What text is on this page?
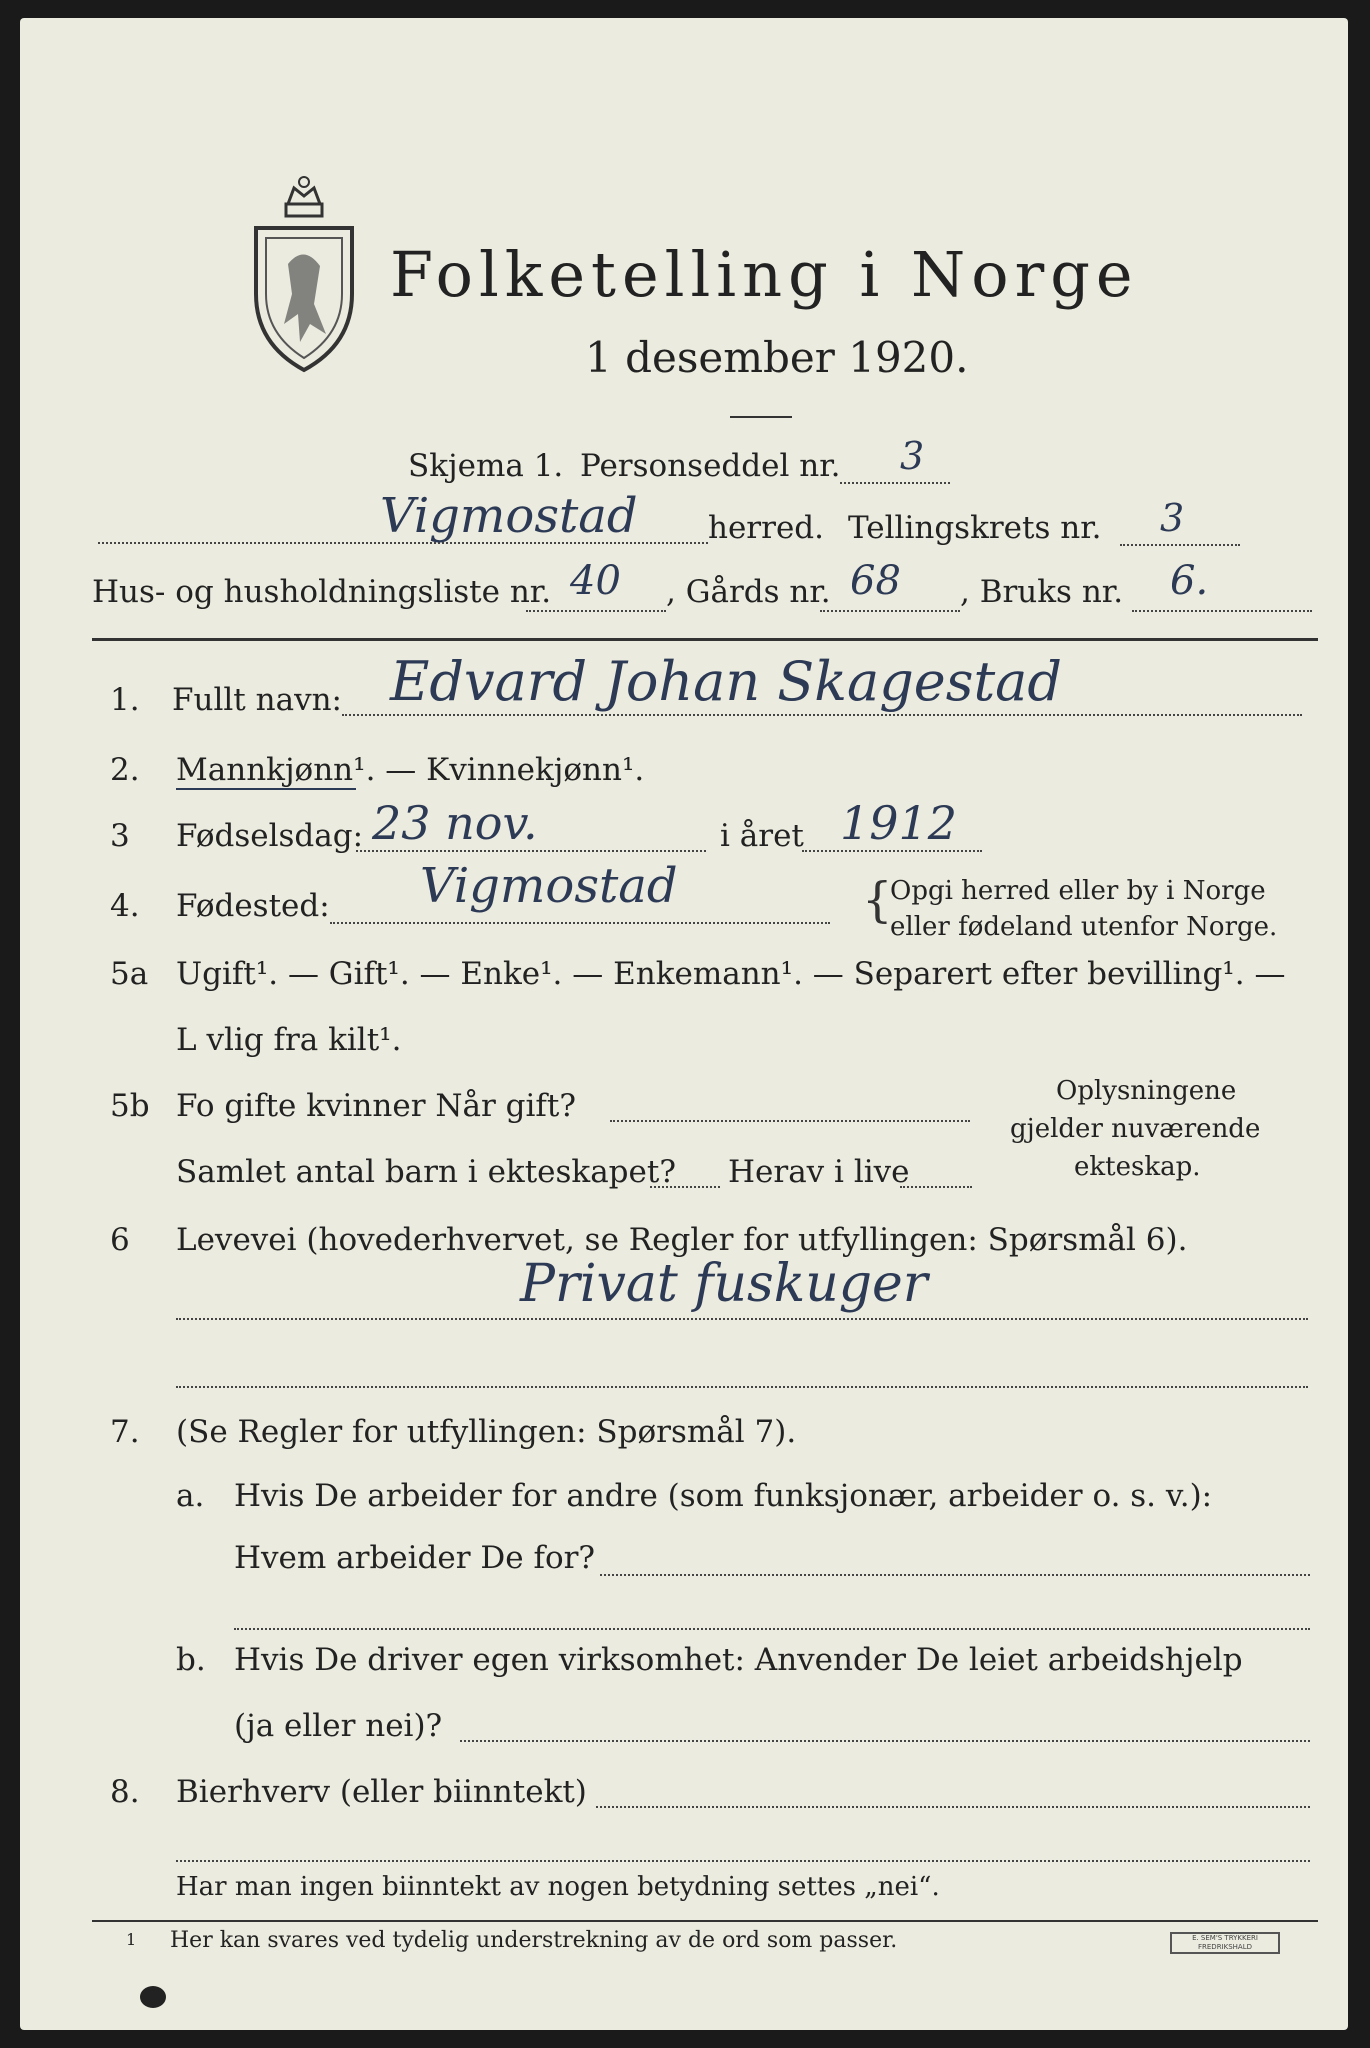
Folketelling i Norge
1 desember 1920.
Skjema 1. Personseddel nr. 3
Vigmostad herred. Tellingskrets nr. 3
Hus- og husholdningsliste nr. 40 , Gårds nr. 68 , Bruks nr. 6.
1. Fullt navn: Edvard Johan Skagestad
2. Mannkjønn¹. — Kvinnekjønn¹.
3 Fødselsdag: 23 nov.	i året 1912
4. Fødested: Vigmostad	{
Opgi herred eller by i Norge
eller fødeland utenfor Norge.
5a Ugift¹. — Gift¹. — Enke¹. — Enkemann¹. — Separert efter bevilling¹. —
L vlig fra kilt¹.
5b Fo gifte kvinner Når gift?
Samlet antal barn i ekteskapet? Herav i live
Oplysningene
gjelder nuværende
ekteskap.
6 Levevei (hovederhvervet, se Regler for utfyllingen: Spørsmål 6).
Privat fuskuger
7. (Se Regler for utfyllingen: Spørsmål 7).
a. Hvis De arbeider for andre (som funksjonær, arbeider o. s. v.):
Hvem arbeider De for?
b. Hvis De driver egen virksomhet: Anvender De leiet arbeidshjelp
(ja eller nei)?
8. Bierhverv (eller biinntekt)
Har man ingen biinntekt av nogen betydning settes „nei“.
1 Her kan svares ved tydelig understrekning av de ord som passer.	E. SEM'S TRYKKERI FREDRIKSHALD
